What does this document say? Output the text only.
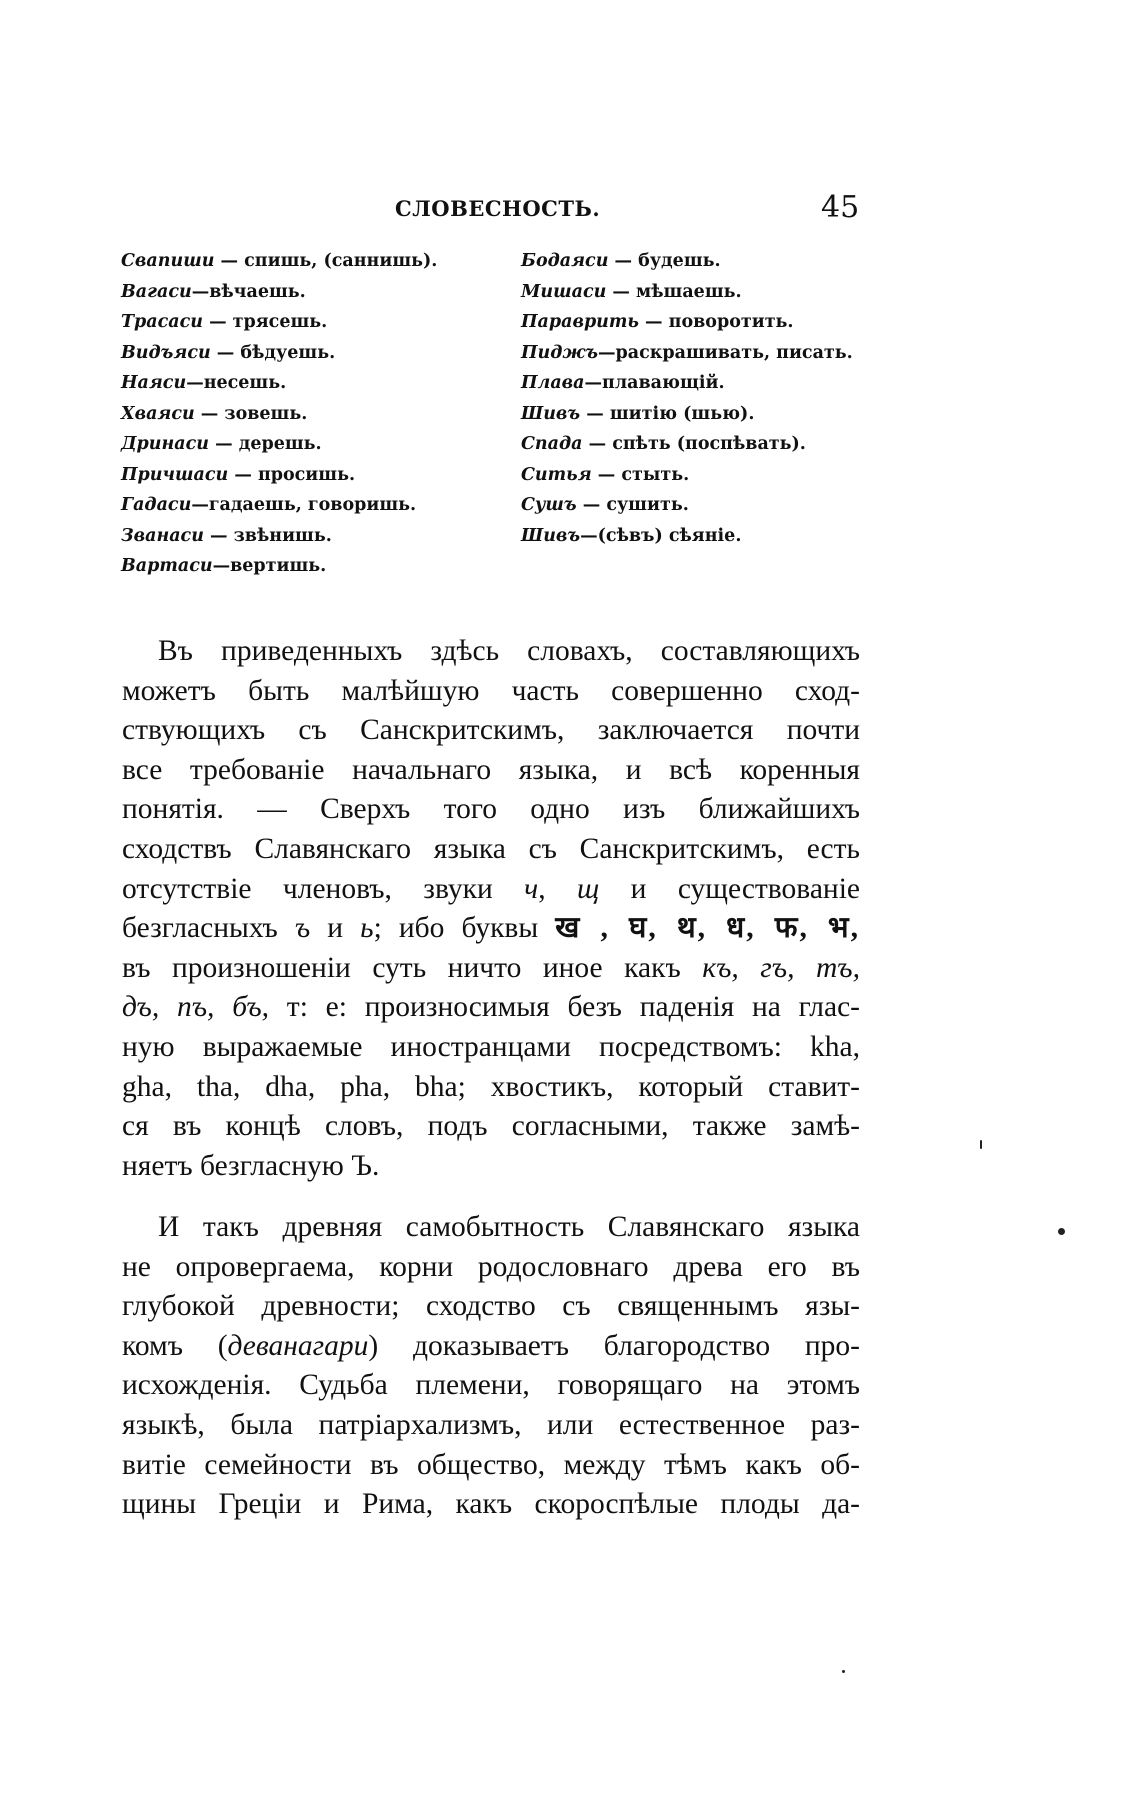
СЛОВЕСНОСТЬ.	45
Свапиши — спишь, (саннишь).
Вагаси—вѣчаешь.
Трасаси — трясешь.
Видъяси — бѣдуешь.
Наяси—несешь.
Хваяси — зовешь.
Дринаси — дерешь.
Причшаси — просишь.
Гадаси—гадаешь, говоришь.
Званаси — звѣнишь.
Вартаси—вертишь.
Бодаяси — будешь.
Мишаси — мѣшаешь.
Параврить — поворотить.
Пиджъ—раскрашивать, писать.
Плава—плавающій.
Шивъ — шитію (шью).
Спада — спѣть (поспѣвать).
Ситья — стыть.
Сушъ — сушить.
Шивъ—(сѣвъ) сѣяніе.
Въ приведенныхъ здѣсь словахъ, составляющихъ
можетъ быть малѣйшую часть совершенно сход-
ствующихъ съ Санскритскимъ, заключается почти
все требованіе начальнаго языка, и всѣ коренныя
понятія. — Сверхъ того одно изъ ближайшихъ
сходствъ Славянскаго языка съ Санскритскимъ, есть
отсутствіе членовъ, звуки ч, щ и существованіе
безгласныхъ ъ и ь; ибо буквы ख , घ, थ, ध, फ, भ,
въ произношеніи суть ничто иное какъ къ, гъ, тъ,
дъ, пъ, бъ, т: е: произносимыя безъ паденія на глас-
ную выражаемые иностранцами посредствомъ: kha,
gha, tha, dha, pha, bha; хвостикъ, который ставит-
ся въ концѣ словъ, подъ согласными, также замѣ-
няетъ безгласную Ъ.
И такъ древняя самобытность Славянскаго языка
не опровергаема, корни родословнаго древа его въ
глубокой древности; сходство съ священнымъ язы-
комъ (деванагари) доказываетъ благородство про-
исхожденія. Судьба племени, говорящаго на этомъ
языкѣ, была патріархализмъ, или естественное раз-
витіе семейности въ общество, между тѣмъ какъ об-
щины Греціи и Рима, какъ скороспѣлые плоды да-
